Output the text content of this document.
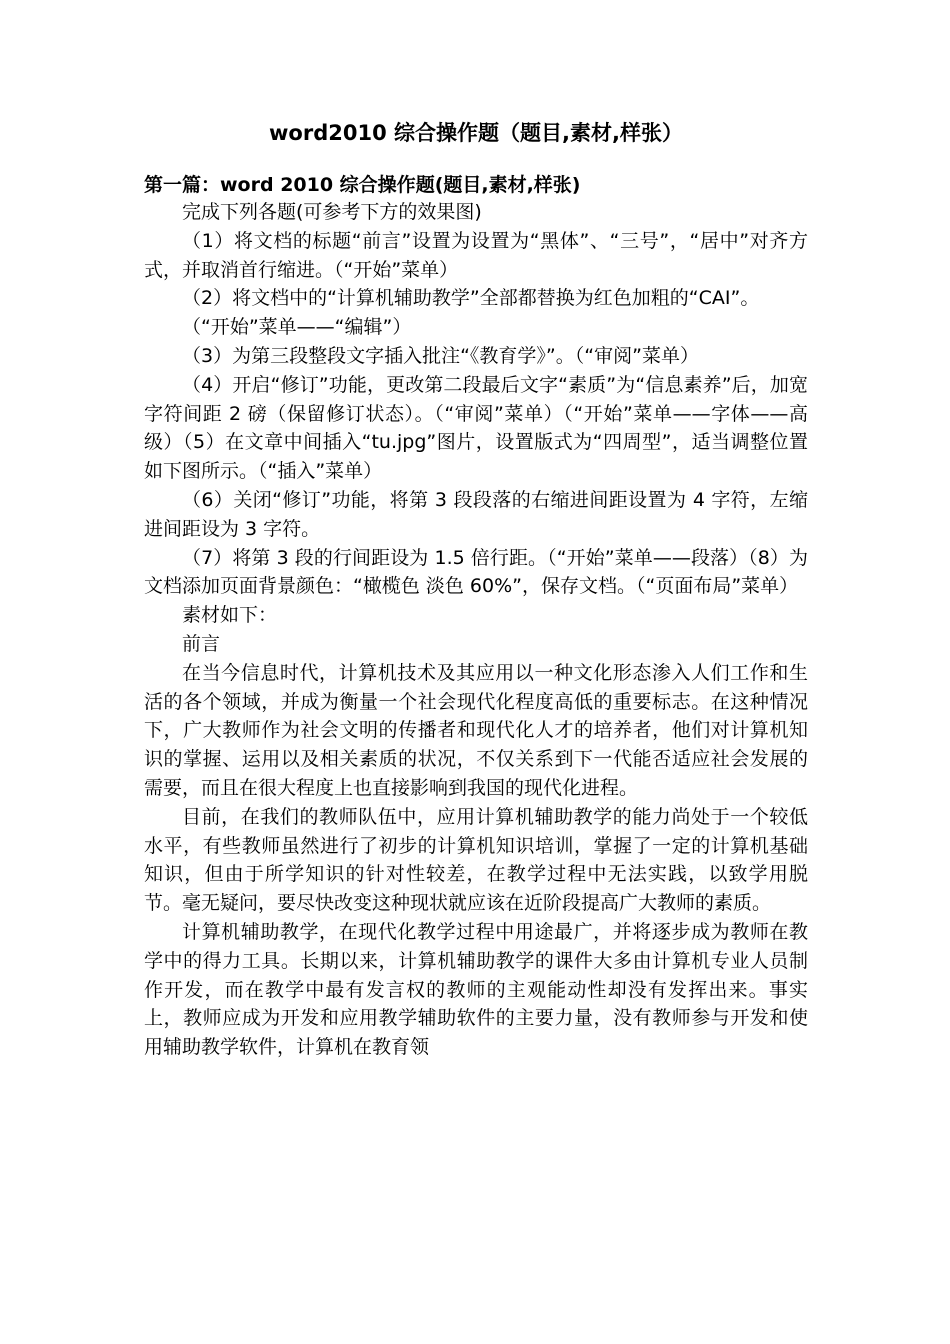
word2010 综合操作题（题目,素材,样张）
第一篇：word 2010 综合操作题(题目,素材,样张)

完成下列各题(可参考下方的效果图)

（1）将文档的标题“前言”设置为设置为“黑体”、“三号”，“居中”对齐方式，并取消首行缩进。（“开始”菜单）

（2）将文档中的“计算机辅助教学”全部都替换为红色加粗的“CAI”。

（“开始”菜单——“编辑”）

（3）为第三段整段文字插入批注“《教育学》”。（“审阅”菜单）

（4）开启“修订”功能，更改第二段最后文字“素质”为“信息素养”后，加宽字符间距 2 磅（保留修订状态）。（“审阅”菜单）（“开始”菜单——字体——高级）（5）在文章中间插入“tu.jpg”图片，设置版式为“四周型”，适当调整位置如下图所示。（“插入”菜单）

（6）关闭“修订”功能，将第 3 段段落的右缩进间距设置为 4 字符，左缩进间距设为 3 字符。

（7）将第 3 段的行间距设为 1.5 倍行距。（“开始”菜单——段落）（8）为文档添加页面背景颜色：“橄榄色 淡色 60%”，保存文档。（“页面布局”菜单）

素材如下：

前言

在当今信息时代，计算机技术及其应用以一种文化形态渗入人们工作和生活的各个领域，并成为衡量一个社会现代化程度高低的重要标志。在这种情况下，广大教师作为社会文明的传播者和现代化人才的培养者，他们对计算机知识的掌握、运用以及相关素质的状况，不仅关系到下一代能否适应社会发展的需要，而且在很大程度上也直接影响到我国的现代化进程。

目前，在我们的教师队伍中，应用计算机辅助教学的能力尚处于一个较低水平，有些教师虽然进行了初步的计算机知识培训，掌握了一定的计算机基础知识，但由于所学知识的针对性较差，在教学过程中无法实践，以致学用脱节。毫无疑问，要尽快改变这种现状就应该在近阶段提高广大教师的素质。

计算机辅助教学，在现代化教学过程中用途最广，并将逐步成为教师在教学中的得力工具。长期以来，计算机辅助教学的课件大多由计算机专业人员制作开发，而在教学中最有发言权的教师的主观能动性却没有发挥出来。事实上，教师应成为开发和应用教学辅助软件的主要力量，没有教师参与开发和使用辅助教学软件，计算机在教育领
